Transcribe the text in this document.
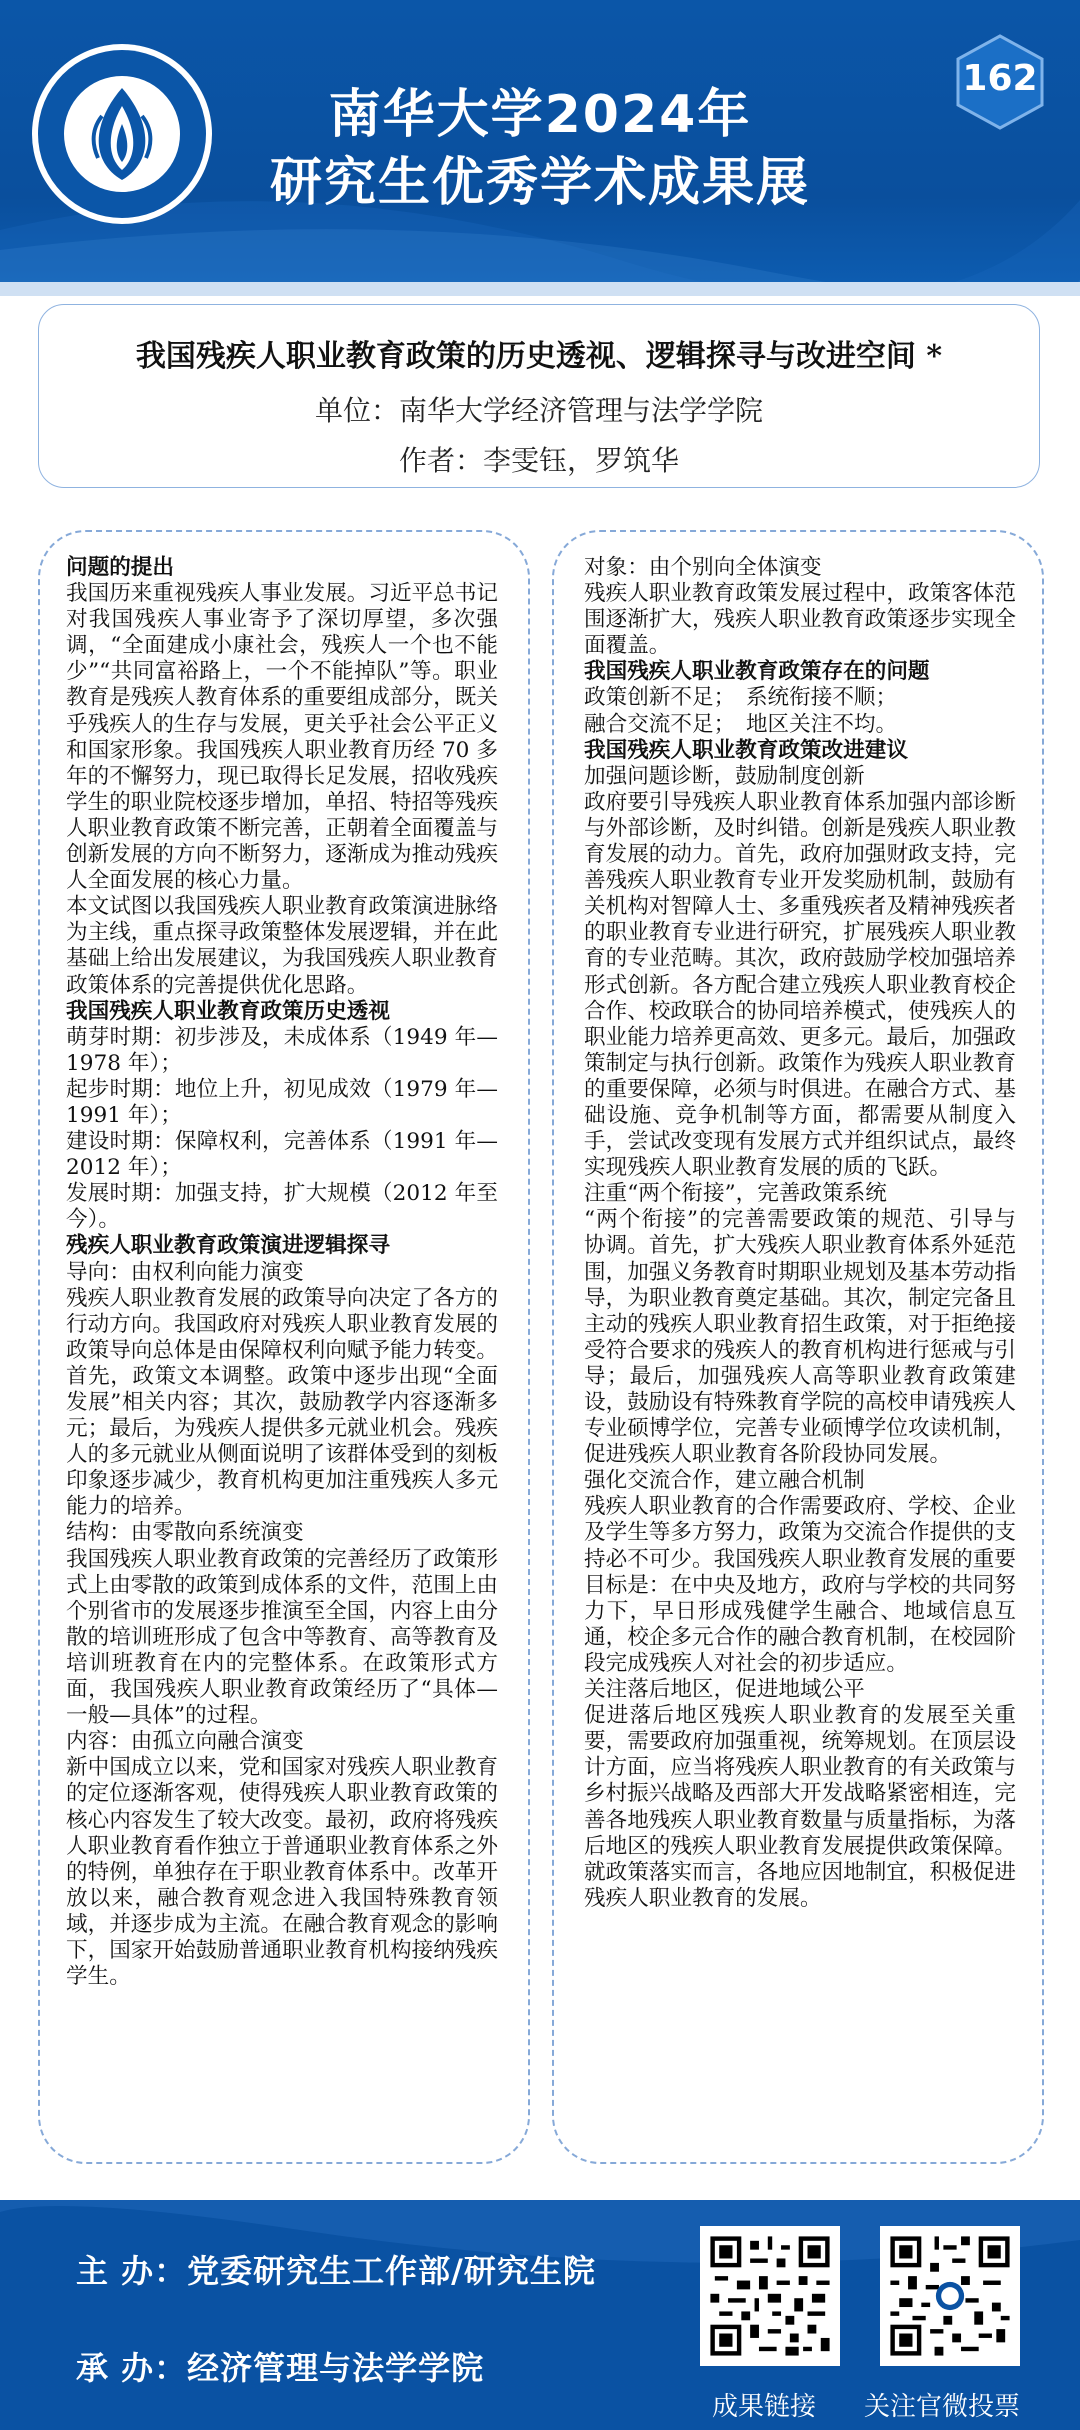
南华大学2024年
研究生优秀学术成果展
162
我国残疾人职业教育政策的历史透视、逻辑探寻与改进空间 *
单位：南华大学经济管理与法学学院
作者：李雯钰，罗筑华

问题的提出

我国历来重视残疾人事业发展。习近平总书记对我国残疾人事业寄予了深切厚望，多次强调，“全面建成小康社会，残疾人一个也不能少”“共同富裕路上，一个不能掉队”等。职业教育是残疾人教育体系的重要组成部分，既关乎残疾人的生存与发展，更关乎社会公平正义和国家形象。我国残疾人职业教育历经 70 多年的不懈努力，现已取得长足发展，招收残疾学生的职业院校逐步增加，单招、特招等残疾人职业教育政策不断完善，正朝着全面覆盖与创新发展的方向不断努力，逐渐成为推动残疾人全面发展的核心力量。

本文试图以我国残疾人职业教育政策演进脉络为主线，重点探寻政策整体发展逻辑，并在此基础上给出发展建议，为我国残疾人职业教育政策体系的完善提供优化思路。

我国残疾人职业教育政策历史透视

萌芽时期：初步涉及，未成体系（1949 年—1978 年）；

起步时期：地位上升，初见成效（1979 年—1991 年）；

建设时期：保障权利，完善体系（1991 年—2012 年）；

发展时期：加强支持，扩大规模（2012 年至今）。

残疾人职业教育政策演进逻辑探寻

导向：由权利向能力演变

残疾人职业教育发展的政策导向决定了各方的行动方向。我国政府对残疾人职业教育发展的政策导向总体是由保障权利向赋予能力转变。首先，政策文本调整。政策中逐步出现“全面发展”相关内容；其次，鼓励教学内容逐渐多元；最后，为残疾人提供多元就业机会。残疾人的多元就业从侧面说明了该群体受到的刻板印象逐步减少，教育机构更加注重残疾人多元能力的培养。

结构：由零散向系统演变

我国残疾人职业教育政策的完善经历了政策形式上由零散的政策到成体系的文件，范围上由个别省市的发展逐步推演至全国，内容上由分散的培训班形成了包含中等教育、高等教育及培训班教育在内的完整体系。在政策形式方面，我国残疾人职业教育政策经历了“具体—一般—具体”的过程。

内容：由孤立向融合演变

新中国成立以来，党和国家对残疾人职业教育的定位逐渐客观，使得残疾人职业教育政策的核心内容发生了较大改变。最初，政府将残疾人职业教育看作独立于普通职业教育体系之外的特例，单独存在于职业教育体系中。改革开放以来，融合教育观念进入我国特殊教育领域，并逐步成为主流。在融合教育观念的影响下，国家开始鼓励普通职业教育机构接纳残疾学生。

对象：由个别向全体演变

残疾人职业教育政策发展过程中，政策客体范围逐渐扩大，残疾人职业教育政策逐步实现全面覆盖。

我国残疾人职业教育政策存在的问题

政策创新不足；　系统衔接不顺；

融合交流不足；　地区关注不均。

我国残疾人职业教育政策改进建议

加强问题诊断，鼓励制度创新

政府要引导残疾人职业教育体系加强内部诊断与外部诊断，及时纠错。创新是残疾人职业教育发展的动力。首先，政府加强财政支持，完善残疾人职业教育专业开发奖励机制，鼓励有关机构对智障人士、多重残疾者及精神残疾者的职业教育专业进行研究，扩展残疾人职业教育的专业范畴。其次，政府鼓励学校加强培养形式创新。各方配合建立残疾人职业教育校企合作、校政联合的协同培养模式，使残疾人的职业能力培养更高效、更多元。最后，加强政策制定与执行创新。政策作为残疾人职业教育的重要保障，必须与时俱进。在融合方式、基础设施、竞争机制等方面，都需要从制度入手，尝试改变现有发展方式并组织试点，最终实现残疾人职业教育发展的质的飞跃。

注重“两个衔接”，完善政策系统

“两个衔接”的完善需要政策的规范、引导与协调。首先，扩大残疾人职业教育体系外延范围，加强义务教育时期职业规划及基本劳动指导，为职业教育奠定基础。其次，制定完备且主动的残疾人职业教育招生政策，对于拒绝接受符合要求的残疾人的教育机构进行惩戒与引导；最后，加强残疾人高等职业教育政策建设，鼓励设有特殊教育学院的高校申请残疾人专业硕博学位，完善专业硕博学位攻读机制，促进残疾人职业教育各阶段协同发展。

强化交流合作，建立融合机制

残疾人职业教育的合作需要政府、学校、企业及学生等多方努力，政策为交流合作提供的支持必不可少。我国残疾人职业教育发展的重要目标是：在中央及地方，政府与学校的共同努力下，早日形成残健学生融合、地域信息互通，校企多元合作的融合教育机制，在校园阶段完成残疾人对社会的初步适应。

关注落后地区，促进地域公平

促进落后地区残疾人职业教育的发展至关重要，需要政府加强重视，统筹规划。在顶层设计方面，应当将残疾人职业教育的有关政策与乡村振兴战略及西部大开发战略紧密相连，完善各地残疾人职业教育数量与质量指标，为落后地区的残疾人职业教育发展提供政策保障。就政策落实而言，各地应因地制宜，积极促进残疾人职业教育的发展。

主 办：党委研究生工作部/研究生院
承 办：经济管理与法学学院
成果链接	关注官微投票
